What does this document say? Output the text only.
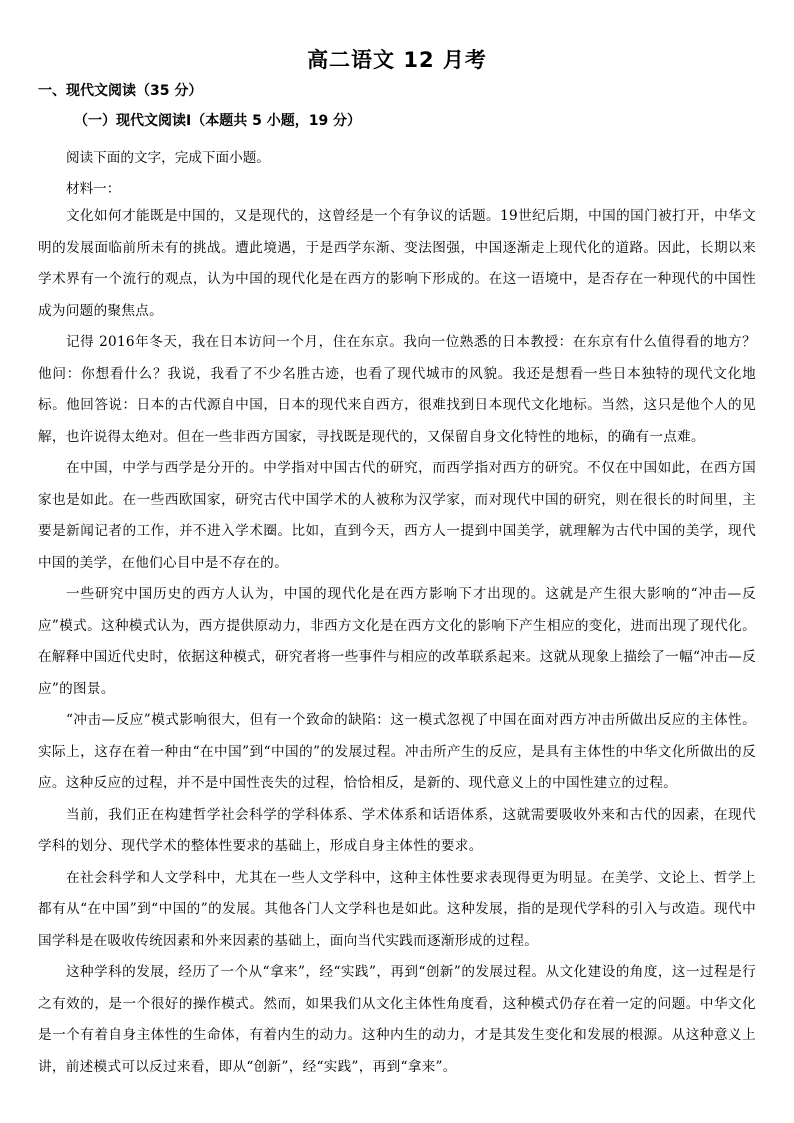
高二语文 12 月考
一、现代文阅读（35 分）
（一）现代文阅读Ⅰ（本题共 5 小题，19 分）
阅读下面的文字，完成下面小题。
材料一：

文化如何才能既是中国的，又是现代的，这曾经是一个有争议的话题。19世纪后期，中国的国门被打开，中华文明的发展面临前所未有的挑战。遭此境遇，于是西学东渐、变法图强，中国逐渐走上现代化的道路。因此，长期以来学术界有一个流行的观点，认为中国的现代化是在西方的影响下形成的。在这一语境中，是否存在一种现代的中国性成为问题的聚焦点。

记得 2016年冬天，我在日本访问一个月，住在东京。我向一位熟悉的日本教授：在东京有什么值得看的地方？他问：你想看什么？我说，我看了不少名胜古迹，也看了现代城市的风貌。我还是想看一些日本独特的现代文化地标。他回答说：日本的古代源自中国，日本的现代来自西方，很难找到日本现代文化地标。当然，这只是他个人的见解，也许说得太绝对。但在一些非西方国家，寻找既是现代的，又保留自身文化特性的地标，的确有一点难。

在中国，中学与西学是分开的。中学指对中国古代的研究，而西学指对西方的研究。不仅在中国如此，在西方国家也是如此。在一些西欧国家，研究古代中国学术的人被称为汉学家，而对现代中国的研究，则在很长的时间里，主要是新闻记者的工作，并不进入学术圈。比如，直到今天，西方人一提到中国美学，就理解为古代中国的美学，现代中国的美学，在他们心目中是不存在的。

一些研究中国历史的西方人认为，中国的现代化是在西方影响下才出现的。这就是产生很大影响的“冲击—反应”模式。这种模式认为，西方提供原动力，非西方文化是在西方文化的影响下产生相应的变化，进而出现了现代化。在解释中国近代史时，依据这种模式，研究者将一些事件与相应的改革联系起来。这就从现象上描绘了一幅“冲击—反应”的图景。

“冲击—反应”模式影响很大，但有一个致命的缺陷：这一模式忽视了中国在面对西方冲击所做出反应的主体性。实际上，这存在着一种由“在中国”到“中国的”的发展过程。冲击所产生的反应，是具有主体性的中华文化所做出的反应。这种反应的过程，并不是中国性丧失的过程，恰恰相反，是新的、现代意义上的中国性建立的过程。

当前，我们正在构建哲学社会科学的学科体系、学术体系和话语体系，这就需要吸收外来和古代的因素，在现代学科的划分、现代学术的整体性要求的基础上，形成自身主体性的要求。

在社会科学和人文学科中，尤其在一些人文学科中，这种主体性要求表现得更为明显。在美学、文论上、哲学上都有从“在中国”到“中国的”的发展。其他各门人文学科也是如此。这种发展，指的是现代学科的引入与改造。现代中国学科是在吸收传统因素和外来因素的基础上，面向当代实践而逐渐形成的过程。

这种学科的发展，经历了一个从“拿来”，经“实践”，再到“创新”的发展过程。从文化建设的角度，这一过程是行之有效的，是一个很好的操作模式。然而，如果我们从文化主体性角度看，这种模式仍存在着一定的问题。中华文化是一个有着自身主体性的生命体，有着内生的动力。这种内生的动力，才是其发生变化和发展的根源。从这种意义上讲，前述模式可以反过来看，即从“创新”，经“实践”，再到“拿来”。
